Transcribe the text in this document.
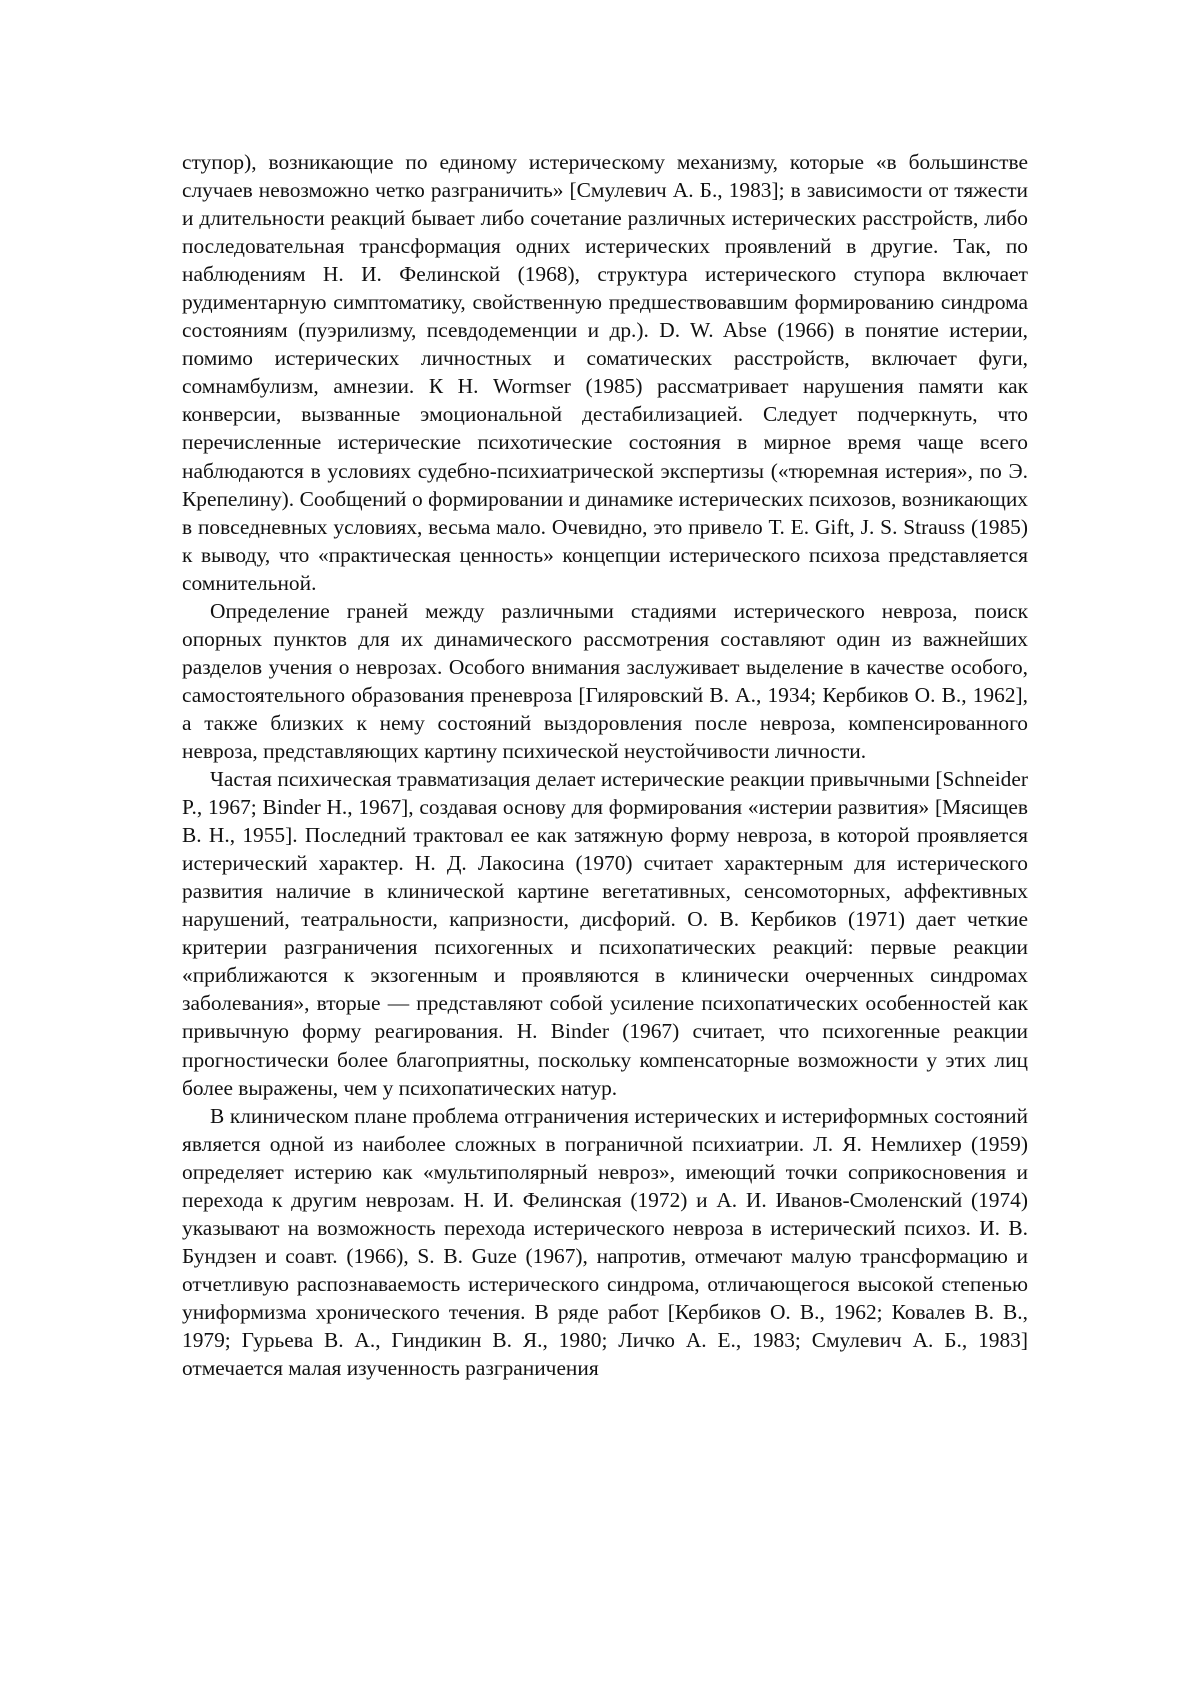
ступор), возникающие по единому истерическому механизму, которые «в большинстве случаев невозможно четко разграничить» [Смулевич А. Б., 1983]; в зависимости от тяжести и длительности реакций бывает либо сочетание различных истерических расстройств, либо последовательная трансформация одних истерических проявлений в другие. Так, по наблюдениям Н. И. Фелинской (1968), структура истерического ступора включает рудиментарную симптоматику, свойственную предшествовавшим формированию синдрома состояниям (пуэрилизму, псевдодеменции и др.). D. W. Abse (1966) в понятие истерии, помимо истерических личностных и соматических расстройств, включает фуги, сомнамбулизм, амнезии. К Н. Wormser (1985) рассматривает нарушения памяти как конверсии, вызванные эмоциональной дестабилизацией. Следует подчеркнуть, что перечисленные истерические психотические состояния в мирное время чаще всего наблюдаются в условиях судебно-психиатрической экспертизы («тюремная истерия», по Э. Крепелину). Сообщений о формировании и динамике истерических психозов, возникающих в повседневных условиях, весьма мало. Очевидно, это привело Т. E. Gift, J. S. Strauss (1985) к выводу, что «практическая ценность» концепции истерического психоза представляется сомнительной.

Определение граней между различными стадиями истерического невроза, поиск опорных пунктов для их динамического рассмотрения составляют один из важнейших разделов учения о неврозах. Особого внимания заслуживает выделение в качестве особого, самостоятельного образования преневроза [Гиляровский В. А., 1934; Кербиков О. В., 1962], а также близких к нему состояний выздоровления после невроза, компенсированного невроза, представляющих картину психической неустойчивости личности.

Частая психическая травматизация делает истерические реакции привычными [Schneider P., 1967; Binder H., 1967], создавая основу для формирования «истерии развития» [Мясищев В. Н., 1955]. Последний трактовал ее как затяжную форму невроза, в которой проявляется истерический характер. Н. Д. Лакосина (1970) считает характерным для истерического развития наличие в клинической картине вегетативных, сенсомоторных, аффективных нарушений, театральности, капризности, дисфорий. О. В. Кербиков (1971) дает четкие критерии разграничения психогенных и психопатических реакций: первые реакции «приближаются к экзогенным и проявляются в клинически очерченных синдромах заболевания», вторые — представляют собой усиление психопатических особенностей как привычную форму реагирования. H. Binder (1967) считает, что психогенные реакции прогностически более благоприятны, поскольку компенсаторные возможности у этих лиц более выражены, чем у психопатических натур.

В клиническом плане проблема отграничения истерических и истериформных состояний является одной из наиболее сложных в пограничной психиатрии. Л. Я. Немлихер (1959) определяет истерию как «мультиполярный невроз», имеющий точки соприкосновения и перехода к другим неврозам. Н. И. Фелинская (1972) и А. И. Иванов-Смоленский (1974) указывают на возможность перехода истерического невроза в истерический психоз. И. В. Бундзен и соавт. (1966), S. B. Guze (1967), напротив, отмечают малую трансформацию и отчетливую распознаваемость истерического синдрома, отличающегося высокой степенью униформизма хронического течения. В ряде работ [Кербиков О. В., 1962; Ковалев В. В., 1979; Гурьева В. А., Гиндикин В. Я., 1980; Личко А. Е., 1983; Смулевич А. Б., 1983] отмечается малая изученность разграничения
